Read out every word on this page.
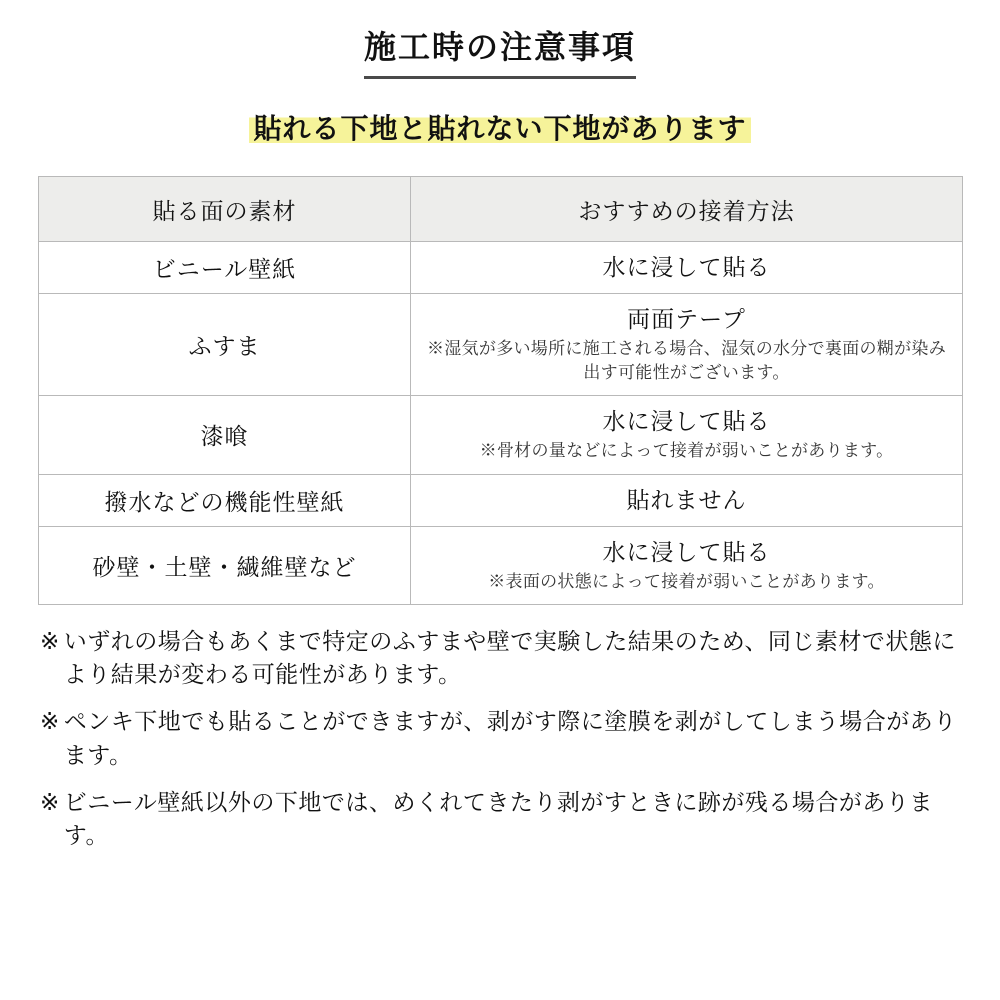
施工時の注意事項
貼れる下地と貼れない下地があります
貼る面の素材	おすすめの接着方法
ビニール壁紙	水に浸して貼る

ふすま	両面テープ
※湿気が多い場所に施工される場合、湿気の水分で裏面の糊が染み出す可能性がございます。

漆喰	水に浸して貼る
※骨材の量などによって接着が弱いことがあります。

撥水などの機能性壁紙	貼れません

砂壁・土壁・繊維壁など	水に浸して貼る
※表面の状態によって接着が弱いことがあります。
※ いずれの場合もあくまで特定のふすまや壁で実験した結果のため、同じ素材で状態により結果が変わる可能性があります。
※ ペンキ下地でも貼ることができますが、剥がす際に塗膜を剥がしてしまう場合があります。
※ ビニール壁紙以外の下地では、めくれてきたり剥がすときに跡が残る場合があります。
